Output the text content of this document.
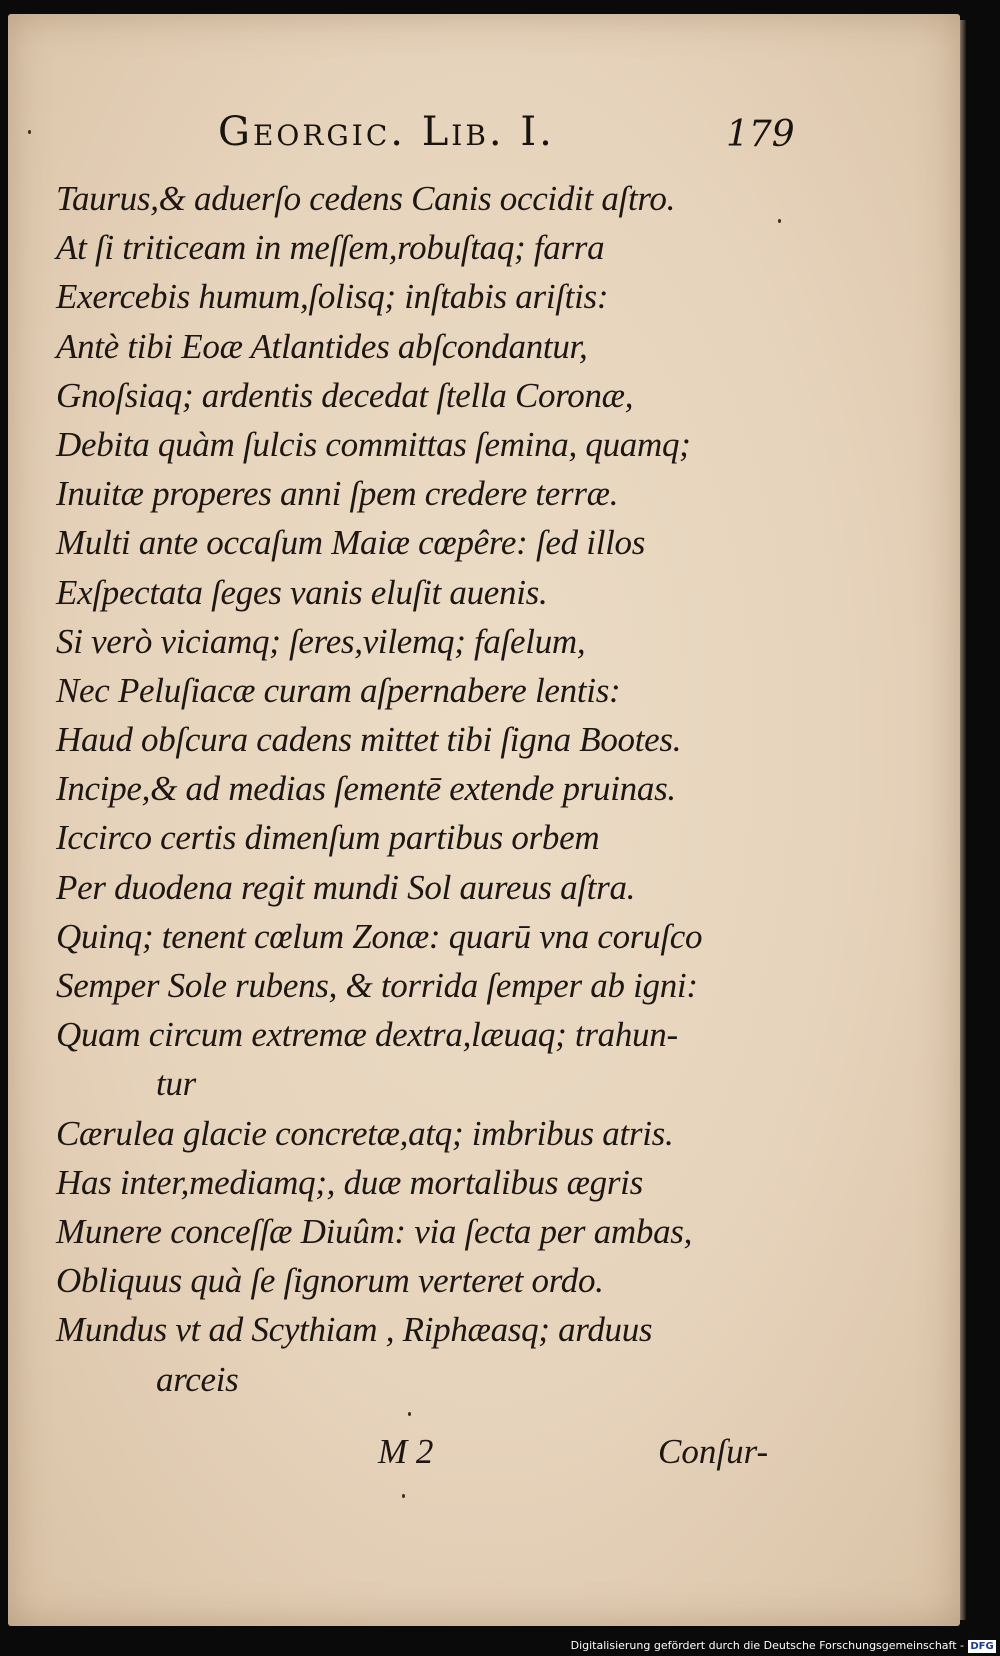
Georgic. Lib. I.	179
Taurus,& aduerſo cedens Canis occidit aſtro.
At ſi triticeam in meſſem,robuſtaq; farra
Exercebis humum,ſolisq; inſtabis ariſtis:
Antè tibi Eoæ Atlantides abſcondantur,
Gnoſsiaq; ardentis decedat ſtella Coronæ,
Debita quàm ſulcis committas ſemina, quamq;
Inuitæ properes anni ſpem credere terræ.
Multi ante occaſum Maiæ cœpêre: ſed illos
Exſpectata ſeges vanis eluſit auenis.
Si verò viciamq; ſeres,vilemq; faſelum,
Nec Peluſiacæ curam aſpernabere lentis:
Haud obſcura cadens mittet tibi ſigna Bootes.
Incipe,& ad medias ſementē extende pruinas.
Iccirco certis dimenſum partibus orbem
Per duodena regit mundi Sol aureus aſtra.
Quinq; tenent cœlum Zonæ: quarū vna coruſco
Semper Sole rubens, & torrida ſemper ab igni:
Quam circum extremæ dextra,læuaq; trahun-
tur
Cærulea glacie concretæ,atq; imbribus atris.
Has inter,mediamq;, duæ mortalibus ægris
Munere conceſſæ Diuûm: via ſecta per ambas,
Obliquus quà ſe ſignorum verteret ordo.
Mundus vt ad Scythiam , Riphæasq; arduus
arceis
M 2	Conſur-
Digitalisierung gefördert durch die Deutsche Forschungsgemeinschaft - DFG
